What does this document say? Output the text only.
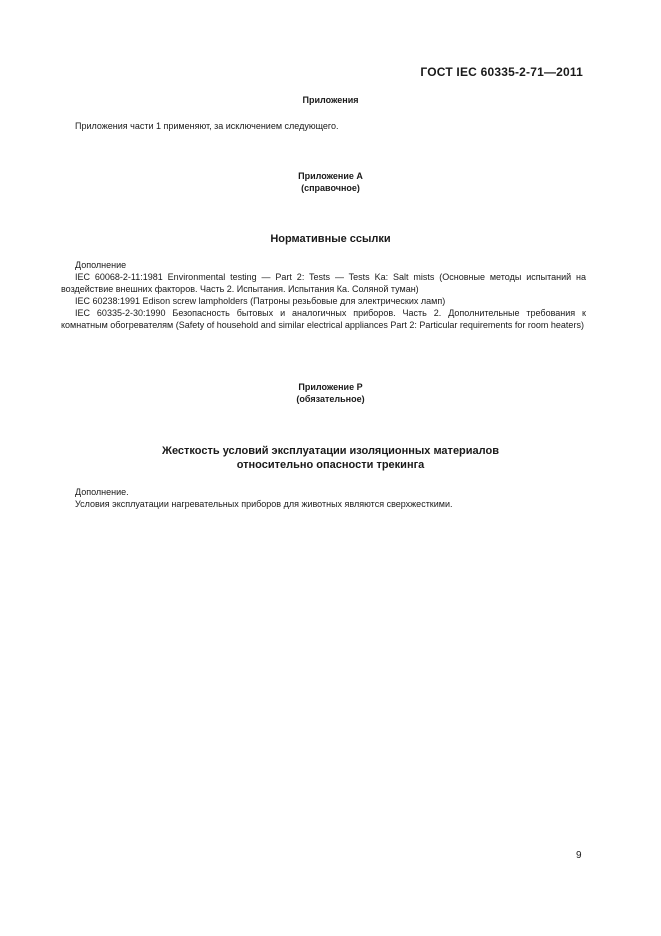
ГОСТ IEC 60335-2-71—2011
Приложения
Приложения части 1 применяют, за исключением следующего.
Приложение А
(справочное)
Нормативные ссылки
Дополнение
IEC 60068-2-11:1981 Environmental testing — Part 2: Tests — Tests Ka: Salt mists (Основные методы испытаний на воздействие внешних факторов. Часть 2. Испытания. Испытания Ка. Соляной туман)
IEC 60238:1991 Edison screw lampholders (Патроны резьбовые для электрических ламп)
IEC 60335-2-30:1990 Безопасность бытовых и аналогичных приборов. Часть 2. Дополнительные требования к комнатным обогревателям (Safety of household and similar electrical appliances Part 2: Particular requirements for room heaters)
Приложение Р
(обязательное)
Жесткость условий эксплуатации изоляционных материалов
относительно опасности трекинга
Дополнение.
Условия эксплуатации нагревательных приборов для животных являются сверхжесткими.
9
